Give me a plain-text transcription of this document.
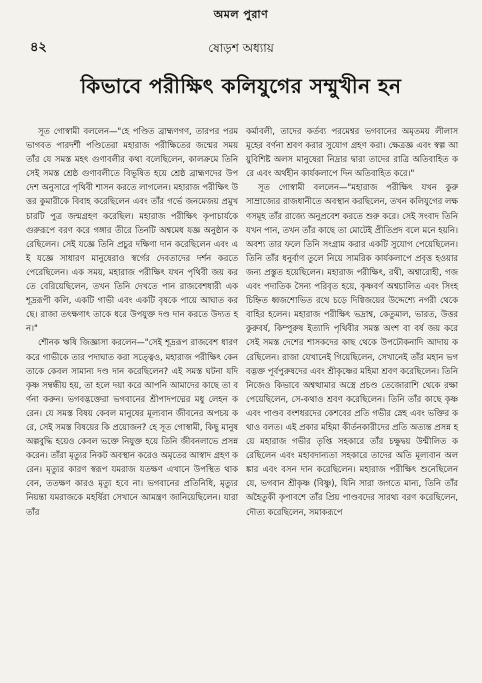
অমল পুরাণ
৪২	ষোড়শ অধ্যায়
কিভাবে পরীক্ষিৎ কলিযুগের সম্মুখীন হন

সূত গোস্বামী বললেন—"হে পণ্ডিত ব্রাহ্মণগণ, তারপর পরম ভাগবত পারদর্শী পণ্ডিতেরা মহারাজ পরীক্ষিতের জন্মের সময় তাঁর যে সমস্ত মহৎ গুণাবলীর কথা বলেছিলেন, কালক্রমে তিনি সেই সমস্ত শ্রেষ্ঠ গুণাবলীতে বিভূষিত হয়ে শ্রেষ্ঠ ব্রাহ্মণদের উপদেশ অনুসারে পৃথিবী শাসন করতে লাগলেন। মহারাজ পরীক্ষিৎ উত্তর কুমারীকে বিবাহ করেছিলেন এবং তাঁর গর্ভে জনমেজয় প্রমুখ চারটি পুত্র জন্মগ্রহণ করেছিল। মহারাজ পরীক্ষিৎ কৃপাচার্যকে গুরুরূপে বরণ করে গঙ্গার তীরে তিনটি অশ্বমেধ যজ্ঞ অনুষ্ঠান করেছিলেন। সেই যজ্ঞে তিনি প্রচুর দক্ষিণা দান করেছিলেন এবং এই যজ্ঞে সাধারণ মানুষেরাও স্বর্গের দেবতাদের দর্শন করতে পেরেছিলেন। এক সময়, মহারাজ পরীক্ষিৎ যখন পৃথিবী জয় করতে বেরিয়েছিলেন, তখন তিনি দেখতে পান রাজবেশধারী এক শূদ্ররূপী কলি, একটি গাভী এবং একটি বৃষকে পায়ে আঘাত করছে। রাজা তৎক্ষণাৎ তাকে ধরে উপযুক্ত দণ্ড দান করতে উদ্যত হন।"

শৌনক ঋষি জিজ্ঞাসা করলেন—"সেই শূদ্ররূপ রাজবেশ ধারণ করে গাভীকে তার পদাঘাত করা সত্ত্বেও, মহারাজ পরীক্ষিৎ কেন তাকে কেবল সামান্য দণ্ড দান করেছিলেন? এই সমস্ত ঘটনা যদি কৃষ্ণ সম্বন্ধীয় হয়, তা হলে দয়া করে আপনি আমাদের কাছে তা বর্ণনা করুন। ভগবদ্ভক্তেরা ভগবানের শ্রীপাদপদ্মের মধু লেহন করেন। যে সমস্ত বিষয় কেবল মানুষের মূল্যবান জীবনের অপচয় করে, সেই সমস্ত বিষয়ের কি প্রয়োজন? হে সূত গোস্বামী, কিছু মানুষ অল্পবুদ্ধি হয়েও কেবল ভক্তে নিযুক্ত হয়ে তিনি জীবনলাভে প্রসন্ন করেন। তাঁরা মৃত্যুর নিকট অবস্থান করেও অমৃতের আস্বাদ গ্রহণ করেন। মৃত্যুর কারণ স্বরূপ যমরাজ যতক্ষণ এখানে উপস্থিত থাকবেন, ততক্ষণ কারও মৃত্যু হবে না। ভগবানের প্রতিনিধি, মৃত্যুর নিয়ন্তা যমরাজকে মহর্ষিরা সেখানে আমন্ত্রণ জানিয়েছিলেন। যারা তাঁর

কর্মাবলী, তাদের কর্তব্য পরমেশ্বর ভগবানের অমৃতময় লীলাসমূহের বর্ণনা শ্রবণ করার সুযোগ গ্রহণ করা। ক্ষেত্রজ্ঞ এবং স্বল্প আয়ুবিশিষ্ট অলস মানুষেরা নিদ্রার দ্বারা তাদের রাত্রি অতিবাহিত করে এবং অর্থহীন কার্যকলাপে দিন অতিবাহিত করে।"

সূত গোস্বামী বললেন—"মহারাজ পরীক্ষিৎ যখন কুরু সাম্রাজ্যের রাজধানীতে অবস্থান করছিলেন, তখন কলিযুগের লক্ষণসমূহ তাঁর রাজ্যে অনুপ্রবেশ করতে শুরু করে। সেই সংবাদ তিনি যখন পান, তখন তাঁর কাছে তা মোটেই প্রীতিপ্রদ বলে মনে হয়নি। অবশ্য তার ফলে তিনি সংগ্রাম করার একটি সুযোগ পেয়েছিলেন। তিনি তাঁর ধনুর্বাণ তুলে নিয়ে সামরিক কার্যকলাপে প্রবৃত্ত হওয়ার জন্য প্রস্তুত হয়েছিলেন। মহারাজ পরীক্ষিৎ, রথী, অশ্বারোহী, গজ এবং পদাতিক সৈন্য পরিবৃত হয়ে, কৃষ্ণবর্ণ অশ্বচালিত এবং সিংহচিহ্নিত ধ্বজশোভিত রথে চড়ে দিগ্বিজয়ের উদ্দেশ্যে নগরী থেকে বাহির হলেন। মহারাজ পরীক্ষিৎ ভদ্রাশ্ব, কেতুমাল, ভারত, উত্তর কুরুবর্ষ, কিম্পুরুষ ইত্যাদি পৃথিবীর সমস্ত অংশ বা বর্ষ জয় করে সেই সমস্ত দেশের শাসকদের কাছ থেকে উপঢৌকনাদি আদায় করেছিলেন। রাজা যেখানেই গিয়েছিলেন, সেখানেই তাঁর মহান ভগবদ্ভক্ত পূর্বপুরুষদের এবং শ্রীকৃষ্ণের মহিমা শ্রবণ করেছিলেন। তিনি নিজেও কিভাবে অশ্বত্থামার অস্ত্রে প্রচণ্ড তেজোরাশি থেকে রক্ষা পেয়েছিলেন, সে-কথাও শ্রবণ করেছিলেন। তিনি তাঁর কাছে কৃষ্ণ এবং পাণ্ডব বংশধরদের কেশবের প্রতি গভীর স্নেহ এবং ভক্তির কথাও বলত। এই প্রকার মহিমা কীর্তনকারীদের প্রতি অত্যন্ত প্রসন্ন হয়ে মহারাজ গভীর তৃপ্তি সহকারে তাঁর চক্ষুদ্বয় উন্মীলিত করেছিলেন এবং মহাবদান্যতা সহকারে তাদের অতি মূল্যবান অলঙ্কার এবং বসন দান করেছিলেন। মহারাজ পরীক্ষিৎ শুনেছিলেন যে, ভগবান শ্রীকৃষ্ণ (বিষ্ণু), যিনি সারা জগতে মান্য, তিনি তাঁর অহৈতুকী কৃপাবশে তাঁর প্রিয় পাণ্ডবদের সারথ্য বরণ করেছিলেন, দৌত্য করেছিলেন, সমাকরূপে
